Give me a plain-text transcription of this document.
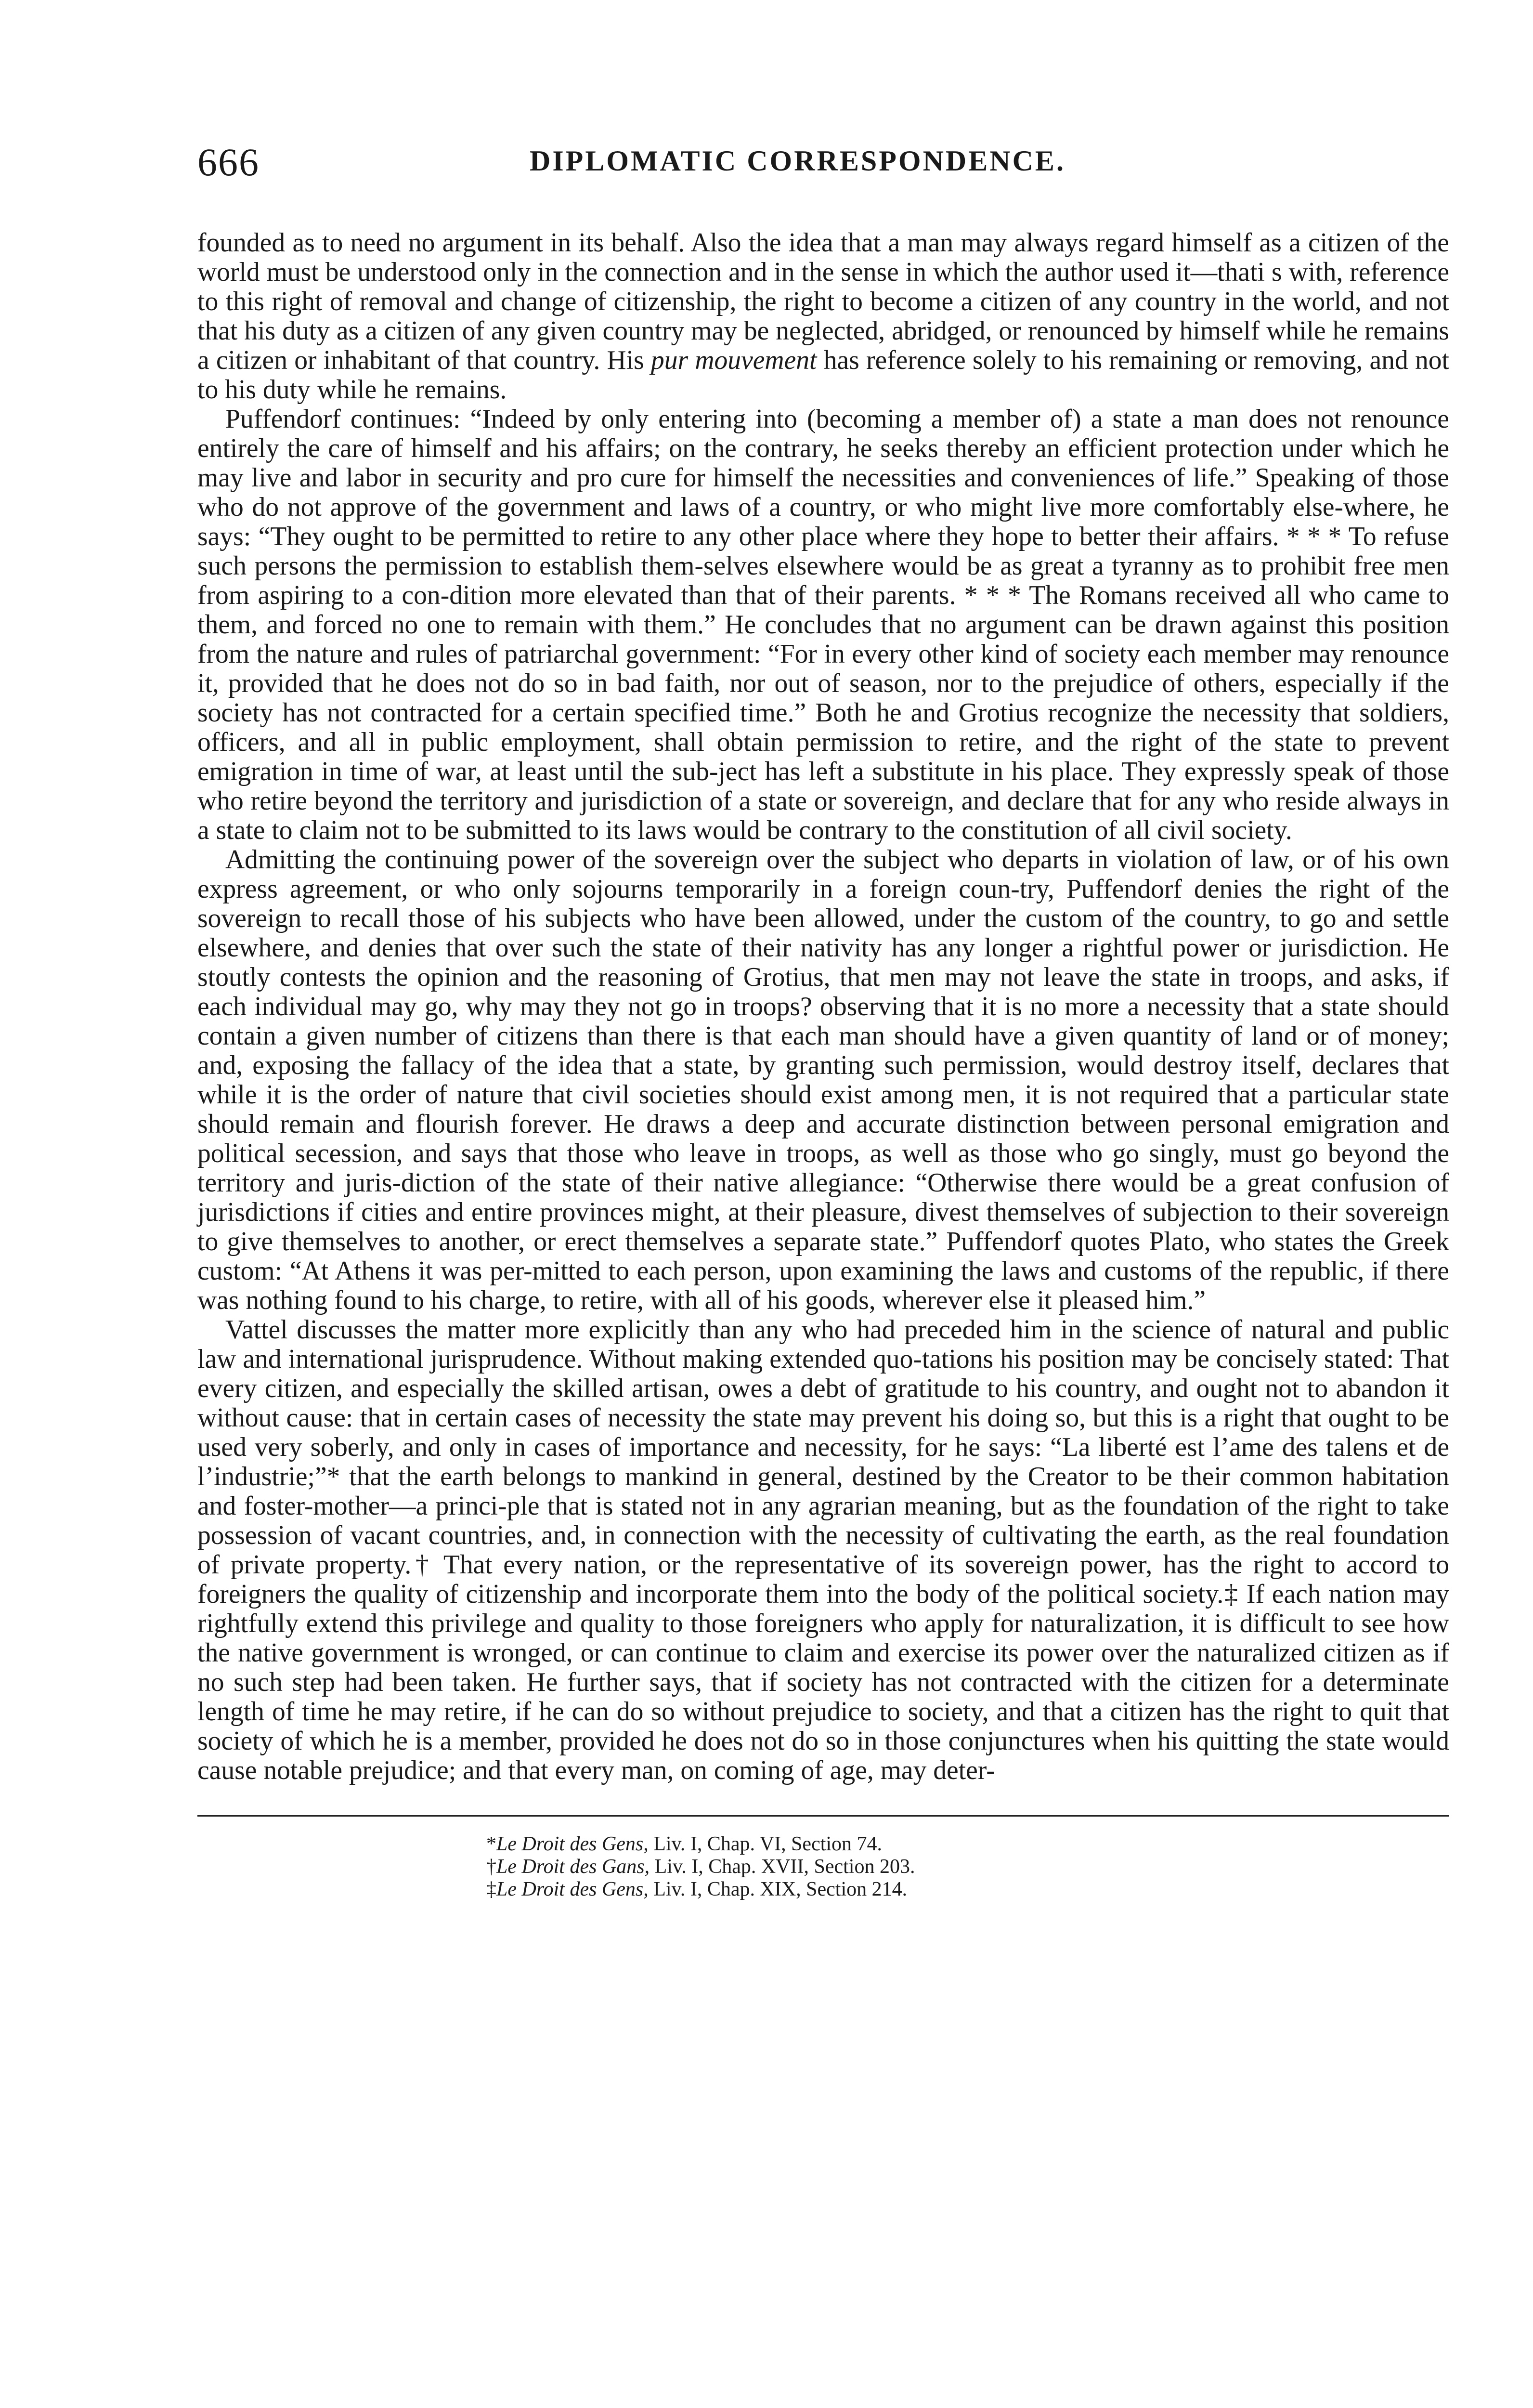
666	DIPLOMATIC CORRESPONDENCE.

founded as to need no argument in its behalf. Also the idea that a man may always regard himself as a citizen of the world must be understood only in the connection and in the sense in which the author used it—thati s with, reference to this right of removal and change of citizenship, the right to become a citizen of any country in the world, and not that his duty as a citizen of any given country may be neglected, abridged, or renounced by himself while he remains a citizen or inhabitant of that country. His pur mouvement has reference solely to his remaining or removing, and not to his duty while he remains.

Puffendorf continues: “Indeed by only entering into (becoming a member of) a state a man does not renounce entirely the care of himself and his affairs; on the contrary, he seeks thereby an efficient protection under which he may live and labor in security and pro cure for himself the necessities and conveniences of life.” Speaking of those who do not approve of the government and laws of a country, or who might live more comfortably else-where, he says: “They ought to be permitted to retire to any other place where they hope to better their affairs. * * * To refuse such persons the permission to establish them-selves elsewhere would be as great a tyranny as to prohibit free men from aspiring to a con-dition more elevated than that of their parents. * * * The Romans received all who came to them, and forced no one to remain with them.” He concludes that no argument can be drawn against this position from the nature and rules of patriarchal government: “For in every other kind of society each member may renounce it, provided that he does not do so in bad faith, nor out of season, nor to the prejudice of others, especially if the society has not contracted for a certain specified time.” Both he and Grotius recognize the necessity that soldiers, officers, and all in public employment, shall obtain permission to retire, and the right of the state to prevent emigration in time of war, at least until the sub-ject has left a substitute in his place. They expressly speak of those who retire beyond the territory and jurisdiction of a state or sovereign, and declare that for any who reside always in a state to claim not to be submitted to its laws would be contrary to the constitution of all civil society.

Admitting the continuing power of the sovereign over the subject who departs in violation of law, or of his own express agreement, or who only sojourns temporarily in a foreign coun-try, Puffendorf denies the right of the sovereign to recall those of his subjects who have been allowed, under the custom of the country, to go and settle elsewhere, and denies that over such the state of their nativity has any longer a rightful power or jurisdiction. He stoutly contests the opinion and the reasoning of Grotius, that men may not leave the state in troops, and asks, if each individual may go, why may they not go in troops? observing that it is no more a necessity that a state should contain a given number of citizens than there is that each man should have a given quantity of land or of money; and, exposing the fallacy of the idea that a state, by granting such permission, would destroy itself, declares that while it is the order of nature that civil societies should exist among men, it is not required that a particular state should remain and flourish forever. He draws a deep and accurate distinction between personal emigration and political secession, and says that those who leave in troops, as well as those who go singly, must go beyond the territory and juris-diction of the state of their native allegiance: “Otherwise there would be a great confusion of jurisdictions if cities and entire provinces might, at their pleasure, divest themselves of subjection to their sovereign to give themselves to another, or erect themselves a separate state.” Puffendorf quotes Plato, who states the Greek custom: “At Athens it was per-mitted to each person, upon examining the laws and customs of the republic, if there was nothing found to his charge, to retire, with all of his goods, wherever else it pleased him.”

Vattel discusses the matter more explicitly than any who had preceded him in the science of natural and public law and international jurisprudence. Without making extended quo-tations his position may be concisely stated: That every citizen, and especially the skilled artisan, owes a debt of gratitude to his country, and ought not to abandon it without cause: that in certain cases of necessity the state may prevent his doing so, but this is a right that ought to be used very soberly, and only in cases of importance and necessity, for he says: “La liberté est l’ame des talens et de l’industrie;”* that the earth belongs to mankind in general, destined by the Creator to be their common habitation and foster-mother—a princi-ple that is stated not in any agrarian meaning, but as the foundation of the right to take possession of vacant countries, and, in connection with the necessity of cultivating the earth, as the real foundation of private property.† That every nation, or the representative of its sovereign power, has the right to accord to foreigners the quality of citizenship and incorporate them into the body of the political society.‡ If each nation may rightfully extend this privilege and quality to those foreigners who apply for naturalization, it is difficult to see how the native government is wronged, or can continue to claim and exercise its power over the naturalized citizen as if no such step had been taken. He further says, that if society has not contracted with the citizen for a determinate length of time he may retire, if he can do so without prejudice to society, and that a citizen has the right to quit that society of which he is a member, provided he does not do so in those conjunctures when his quitting the state would cause notable prejudice; and that every man, on coming of age, may deter-

*Le Droit des Gens, Liv. I, Chap. VI, Section 74.
†Le Droit des Gans, Liv. I, Chap. XVII, Section 203.
‡Le Droit des Gens, Liv. I, Chap. XIX, Section 214.
